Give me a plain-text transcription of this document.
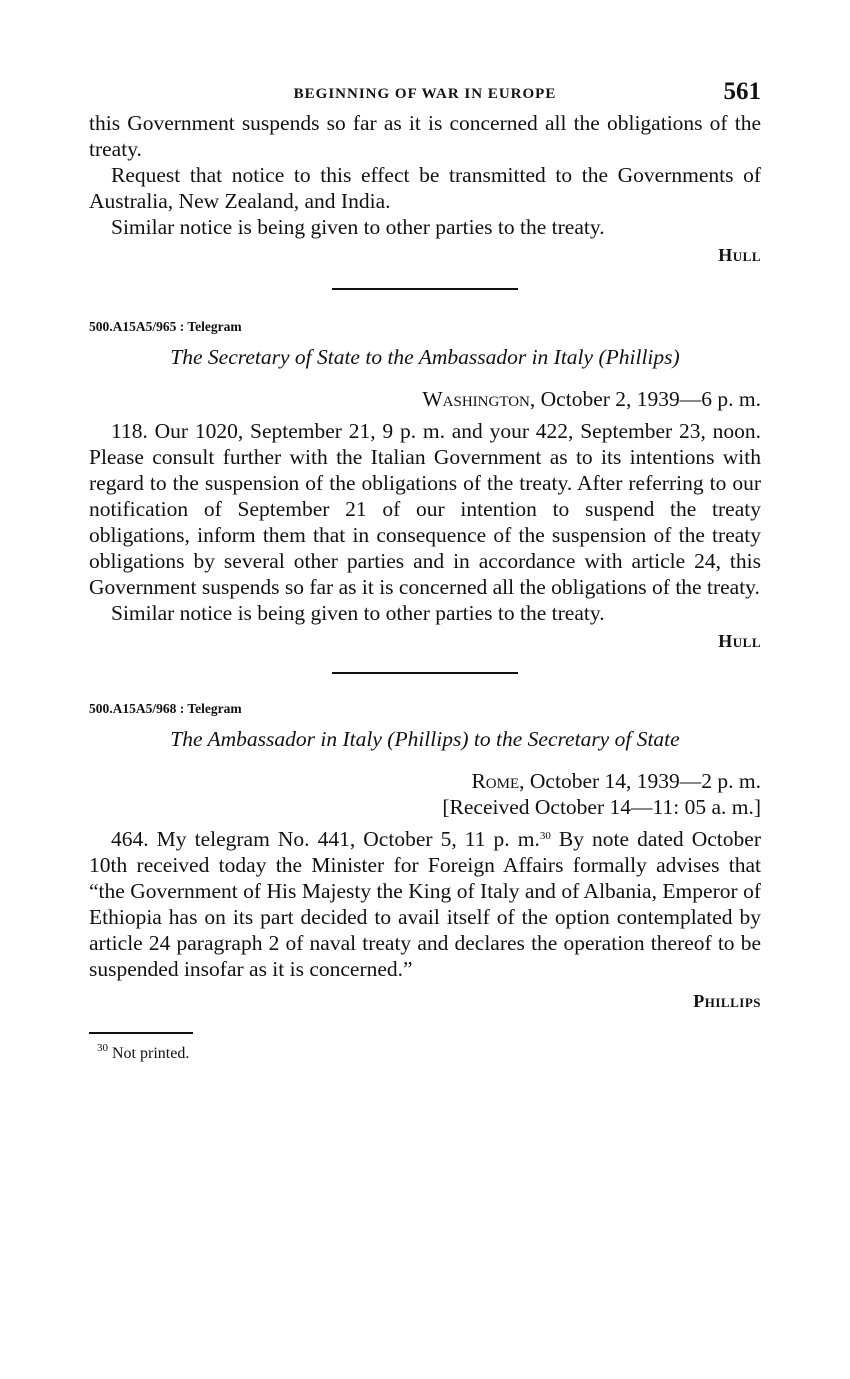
BEGINNING OF WAR IN EUROPE	561

this Government suspends so far as it is concerned all the obligations of the treaty.

Request that notice to this effect be transmitted to the Governments of Australia, New Zealand, and India.

Similar notice is being given to other parties to the treaty.

Hull
500.A15A5/965 : Telegram
The Secretary of State to the Ambassador in Italy (Phillips)
Washington, October 2, 1939—6 p. m.

118. Our 1020, September 21, 9 p. m. and your 422, September 23, noon. Please consult further with the Italian Government as to its intentions with regard to the suspension of the obligations of the treaty. After referring to our notification of September 21 of our intention to suspend the treaty obligations, inform them that in consequence of the suspension of the treaty obligations by several other parties and in accordance with article 24, this Government suspends so far as it is concerned all the obligations of the treaty.

Similar notice is being given to other parties to the treaty.

Hull
500.A15A5/968 : Telegram
The Ambassador in Italy (Phillips) to the Secretary of State
Rome, October 14, 1939—2 p. m.
[Received October 14—11: 05 a. m.]

464. My telegram No. 441, October 5, 11 p. m.$^{30}$ By note dated October 10th received today the Minister for Foreign Affairs formally advises that “the Government of His Majesty the King of Italy and of Albania, Emperor of Ethiopia has on its part decided to avail itself of the option contemplated by article 24 paragraph 2 of naval treaty and declares the operation thereof to be suspended insofar as it is concerned.”

Phillips
$^{30}$ Not printed.
